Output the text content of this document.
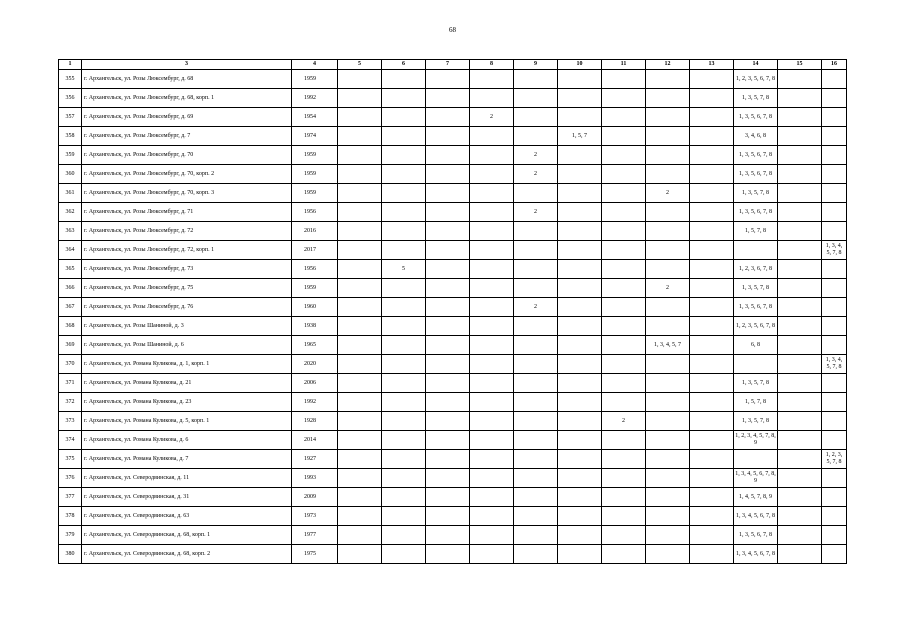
68
1	3	4	5	6	7	8	9	10	11	12	13	14	15	16
355	г. Архангельск, ул. Розы Люксембург, д. 68	1959										1, 2, 3, 5, 6, 7, 8		
356	г. Архангельск, ул. Розы Люксембург, д. 68, корп. 1	1992										1, 3, 5, 7, 8		
357	г. Архангельск, ул. Розы Люксембург, д. 69	1954				2						1, 3, 5, 6, 7, 8		
358	г. Архангельск, ул. Розы Люксембург, д. 7	1974						1, 5, 7				3, 4, 6, 8		
359	г. Архангельск, ул. Розы Люксембург, д. 70	1959					2					1, 3, 5, 6, 7, 8		
360	г. Архангельск, ул. Розы Люксембург, д. 70, корп. 2	1959					2					1, 3, 5, 6, 7, 8		
361	г. Архангельск, ул. Розы Люксембург, д. 70, корп. 3	1959								2		1, 3, 5, 7, 8		
362	г. Архангельск, ул. Розы Люксембург, д. 71	1956					2					1, 3, 5, 6, 7, 8		
363	г. Архангельск, ул. Розы Люксембург, д. 72	2016										1, 5, 7, 8		
364	г. Архангельск, ул. Розы Люксембург, д. 72, корп. 1	2017												1, 3, 4, 5, 7, 8
365	г. Архангельск, ул. Розы Люксембург, д. 73	1956		5								1, 2, 3, 6, 7, 8		
366	г. Архангельск, ул. Розы Люксембург, д. 75	1959								2		1, 3, 5, 7, 8		
367	г. Архангельск, ул. Розы Люксембург, д. 76	1960					2					1, 3, 5, 6, 7, 8		
368	г. Архангельск, ул. Розы Шаниной, д. 3	1938										1, 2, 3, 5, 6, 7, 8		
369	г. Архангельск, ул. Розы Шаниной, д. 6	1965								1, 3, 4, 5, 7		6, 8		
370	г. Архангельск, ул. Романа Куликова, д. 1, корп. 1	2020												1, 3, 4, 5, 7, 8
371	г. Архангельск, ул. Романа Куликова, д. 21	2006										1, 3, 5, 7, 8		
372	г. Архангельск, ул. Романа Куликова, д. 23	1992										1, 5, 7, 8		
373	г. Архангельск, ул. Романа Куликова, д. 5, корп. 1	1928							2			1, 3, 5, 7, 8		
374	г. Архангельск, ул. Романа Куликова, д. 6	2014										1, 2, 3, 4, 5, 7, 8, 9		
375	г. Архангельск, ул. Романа Куликова, д. 7	1927												1, 2, 3, 5, 7, 8
376	г. Архангельск, ул. Северодвинская, д. 11	1993										1, 3, 4, 5, 6, 7, 8, 9		
377	г. Архангельск, ул. Северодвинская, д. 31	2009										1, 4, 5, 7, 8, 9		
378	г. Архангельск, ул. Северодвинская, д. 63	1973										1, 3, 4, 5, 6, 7, 8		
379	г. Архангельск, ул. Северодвинская, д. 68, корп. 1	1977										1, 3, 5, 6, 7, 8		
380	г. Архангельск, ул. Северодвинская, д. 68, корп. 2	1975										1, 3, 4, 5, 6, 7, 8		
